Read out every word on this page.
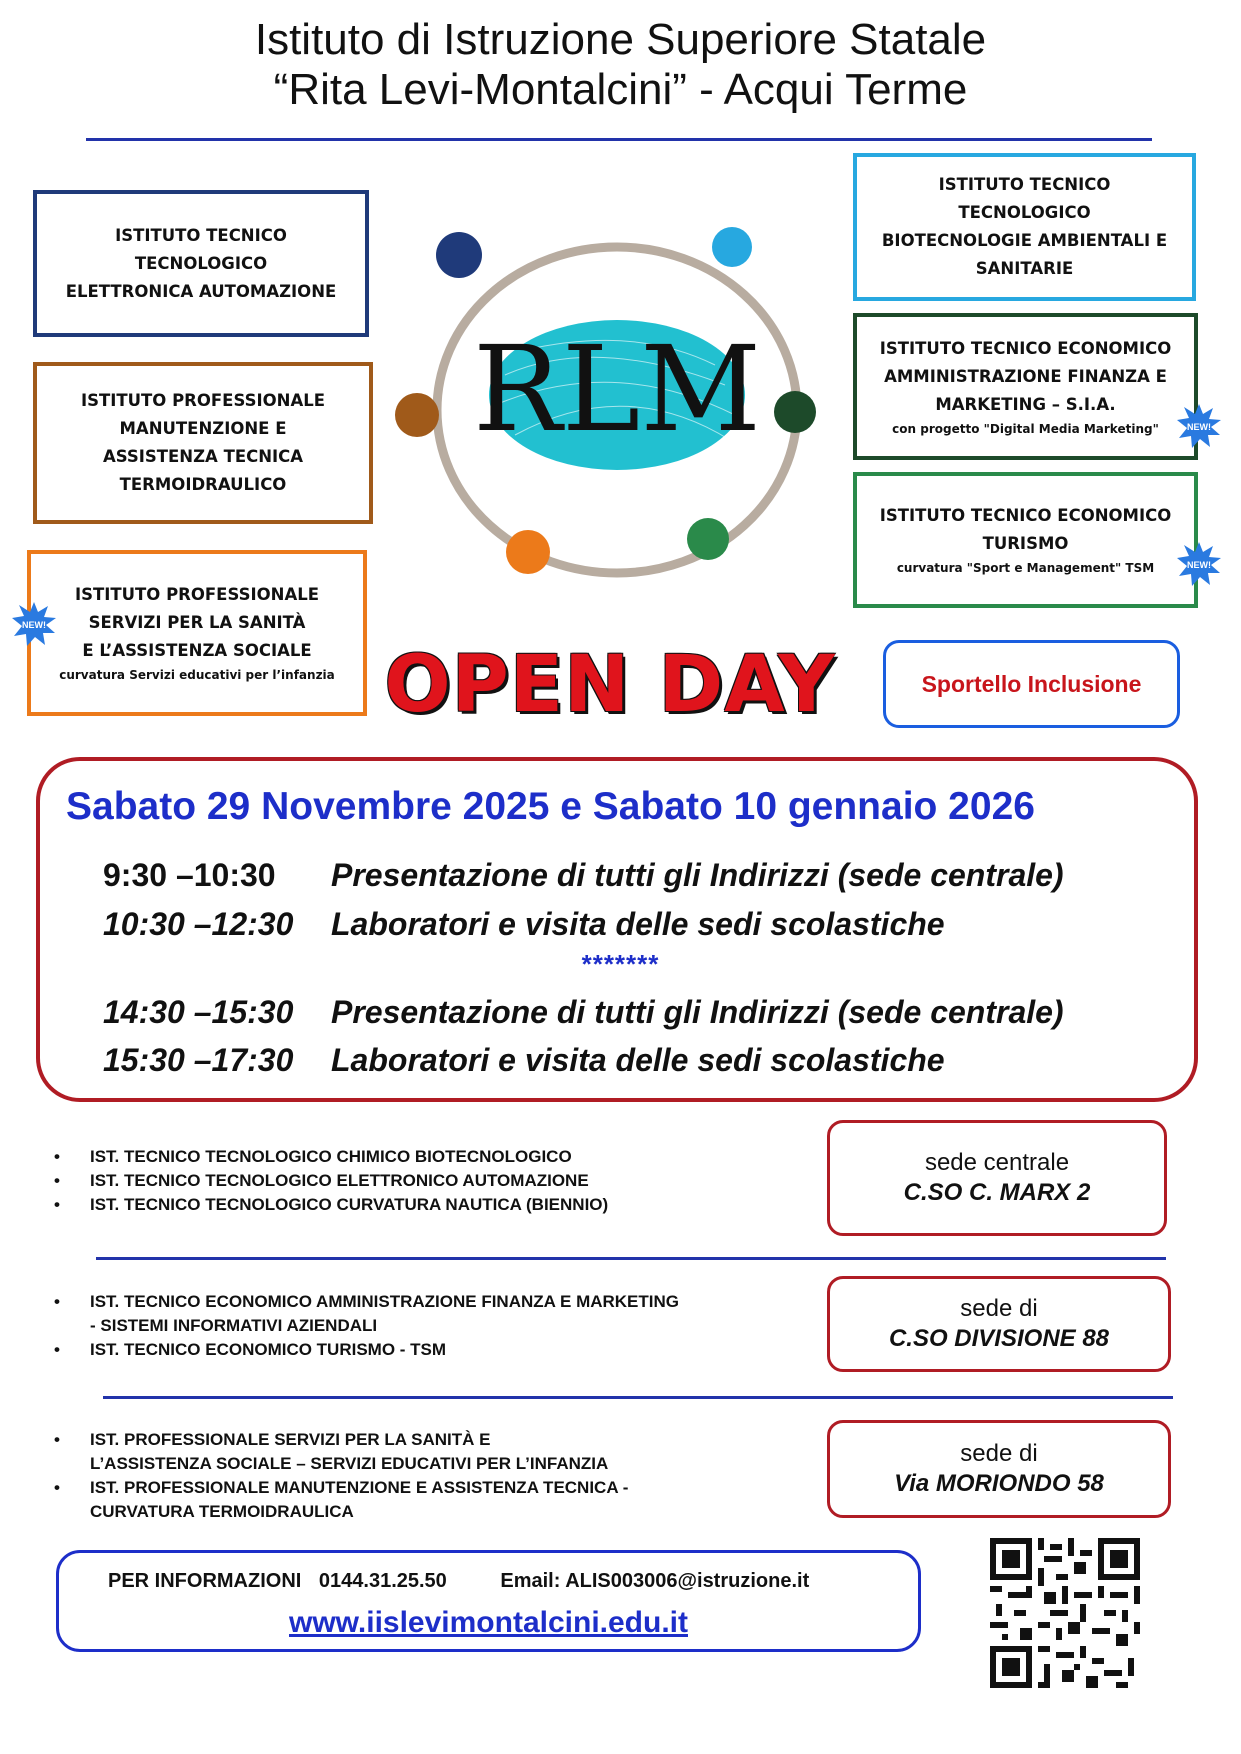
Istituto di Istruzione Superiore Statale
“Rita Levi-Montalcini” - Acqui Terme
ISTITUTO TECNICO
TECNOLOGICO
ELETTRONICA AUTOMAZIONE
ISTITUTO PROFESSIONALE
MANUTENZIONE E
ASSISTENZA TECNICA
TERMOIDRAULICO
ISTITUTO PROFESSIONALE
SERVIZI PER LA SANITÀ
E L’ASSISTENZA SOCIALE
curvatura Servizi educativi per l’infanzia
ISTITUTO TECNICO
TECNOLOGICO
BIOTECNOLOGIE AMBIENTALI E
SANITARIE
ISTITUTO TECNICO ECONOMICO
AMMINISTRAZIONE FINANZA E
MARKETING – S.I.A.
con progetto "Digital Media Marketing"
ISTITUTO TECNICO ECONOMICO
TURISMO
curvatura "Sport e Management" TSM
NEW!
NEW!
NEW!
RLM
OPEN DAY	Sportello Inclusione
Sabato 29 Novembre 2025 e Sabato 10 gennaio 2026
9:30 –10:30 Presentazione di tutti gli Indirizzi (sede centrale)
10:30 –12:30 Laboratori e visita delle sedi scolastiche
*******
14:30 –15:30 Presentazione di tutti gli Indirizzi (sede centrale)
15:30 –17:30 Laboratori e visita delle sedi scolastiche
• IST. TECNICO TECNOLOGICO CHIMICO BIOTECNOLOGICO
• IST. TECNICO TECNOLOGICO ELETTRONICO AUTOMAZIONE
• IST. TECNICO TECNOLOGICO CURVATURA NAUTICA (BIENNIO)
sede centrale
C.SO C. MARX 2
• IST. TECNICO ECONOMICO AMMINISTRAZIONE FINANZA E MARKETING
- SISTEMI INFORMATIVI AZIENDALI
• IST. TECNICO ECONOMICO TURISMO - TSM
sede di
C.SO DIVISIONE 88
• IST. PROFESSIONALE SERVIZI PER LA SANITÀ E
L’ASSISTENZA SOCIALE – SERVIZI EDUCATIVI PER L’INFANZIA
• IST. PROFESSIONALE MANUTENZIONE E ASSISTENZA TECNICA -
CURVATURA TERMOIDRAULICA
sede di
Via MORIONDO 58
PER INFORMAZIONI 0144.31.25.50	Email: ALIS003006@istruzione.it
www.iislevimontalcini.edu.it
